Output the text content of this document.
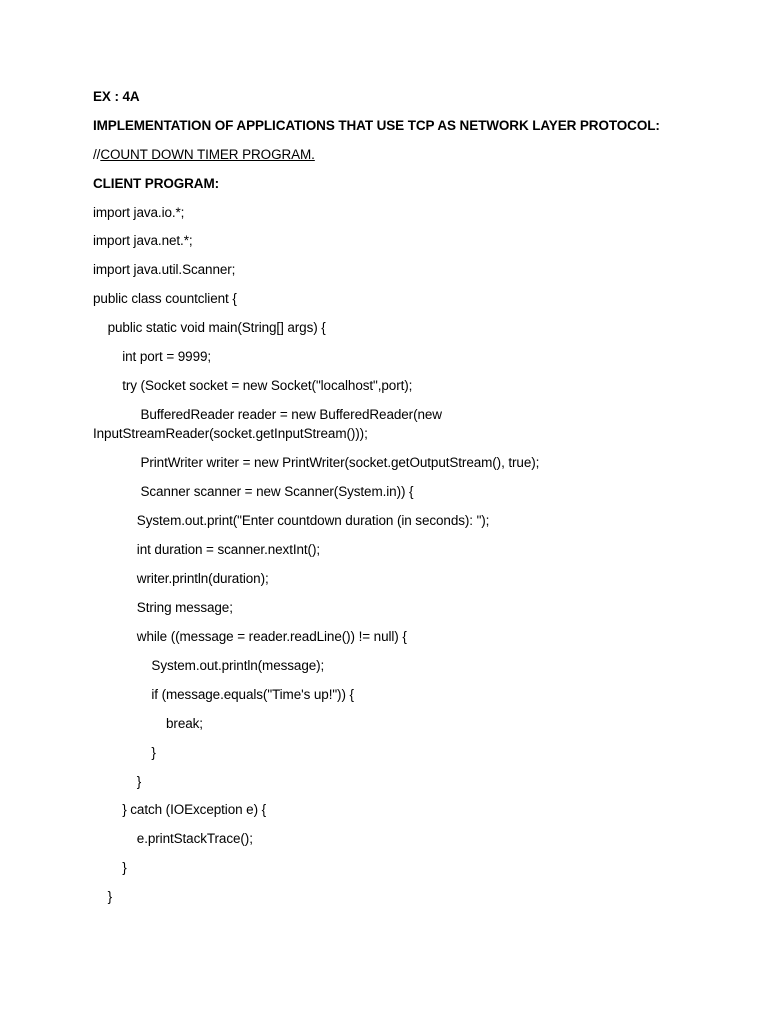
EX : 4A
IMPLEMENTATION OF APPLICATIONS THAT USE TCP AS NETWORK LAYER PROTOCOL:
//COUNT DOWN TIMER PROGRAM.
CLIENT PROGRAM:
import java.io.*;
import java.net.*;
import java.util.Scanner;
public class countclient {
public static void main(String[] args) {
int port = 9999;
try (Socket socket = new Socket("localhost",port);
BufferedReader reader = new BufferedReader(new
InputStreamReader(socket.getInputStream()));
PrintWriter writer = new PrintWriter(socket.getOutputStream(), true);
Scanner scanner = new Scanner(System.in)) {
System.out.print("Enter countdown duration (in seconds): ");
int duration = scanner.nextInt();
writer.println(duration);
String message;
while ((message = reader.readLine()) != null) {
System.out.println(message);
if (message.equals("Time's up!")) {
break;
}
}
} catch (IOException e) {
e.printStackTrace();
}
}
